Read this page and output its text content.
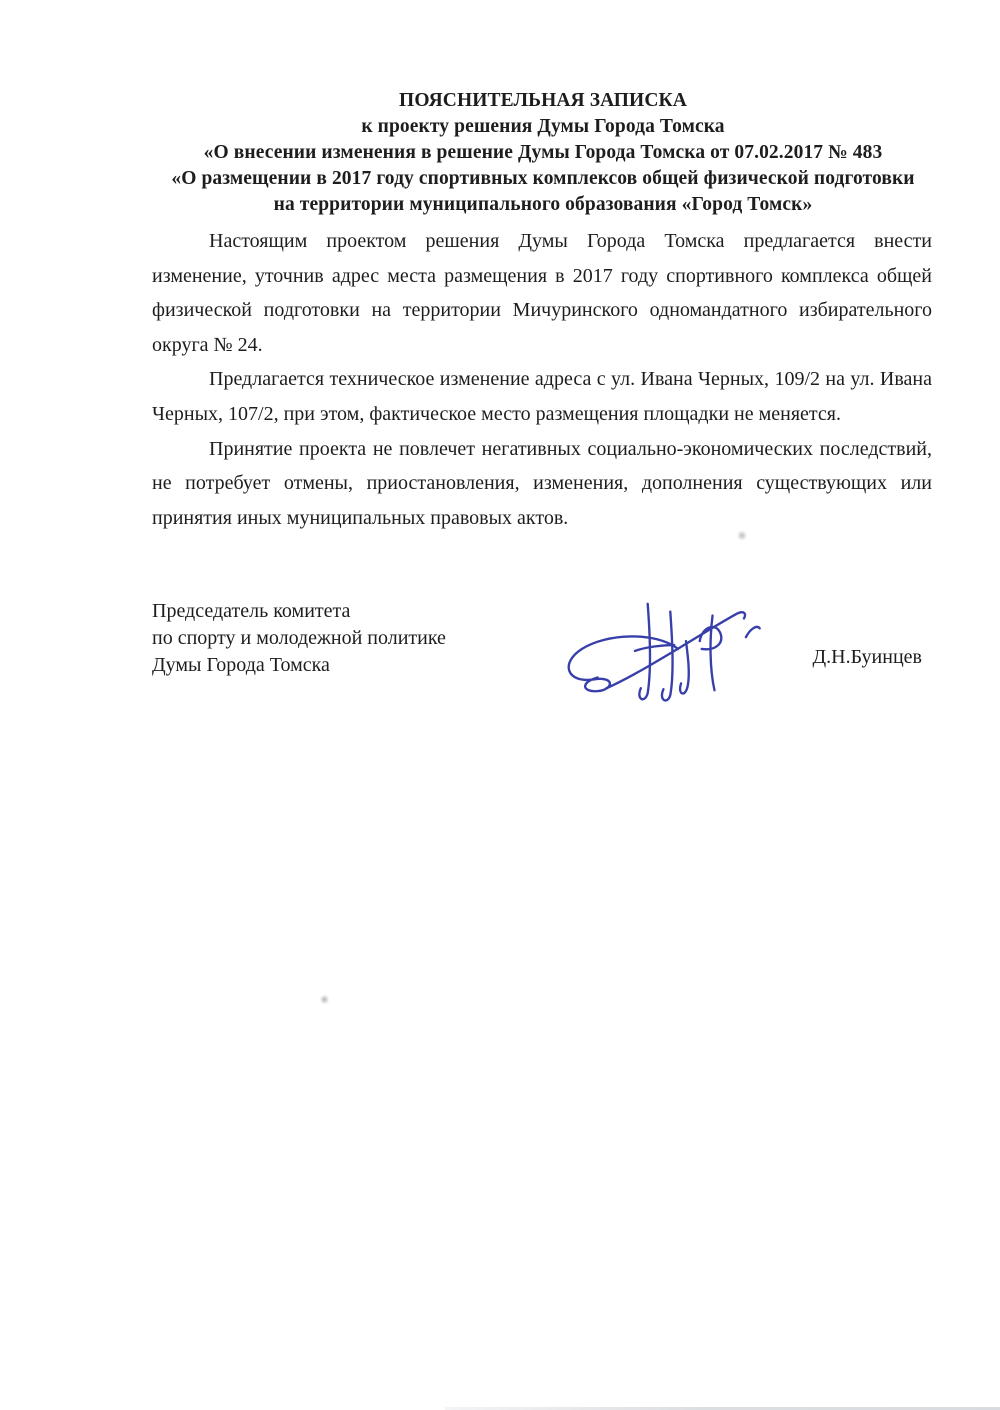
ПОЯСНИТЕЛЬНАЯ ЗАПИСКА
к проекту решения Думы Города Томска
«О внесении изменения в решение Думы Города Томска от 07.02.2017 № 483
«О размещении в 2017 году спортивных комплексов общей физической подготовки
на территории муниципального образования «Город Томск»

Настоящим проектом решения Думы Города Томска предлагается внести изменение, уточнив адрес места размещения в 2017 году спортивного комплекса общей физической подготовки на территории Мичуринского одномандатного избирательного округа № 24.

Предлагается техническое изменение адреса с ул. Ивана Черных, 109/2 на ул. Ивана Черных, 107/2, при этом, фактическое место размещения площадки не меняется.

Принятие проекта не повлечет негативных социально-экономических последствий, не потребует отмены, приостановления, изменения, дополнения существующих или принятия иных муниципальных правовых актов.

Председатель комитета
по спорту и молодежной политике
Думы Города Томска	Д.Н.Буинцев
